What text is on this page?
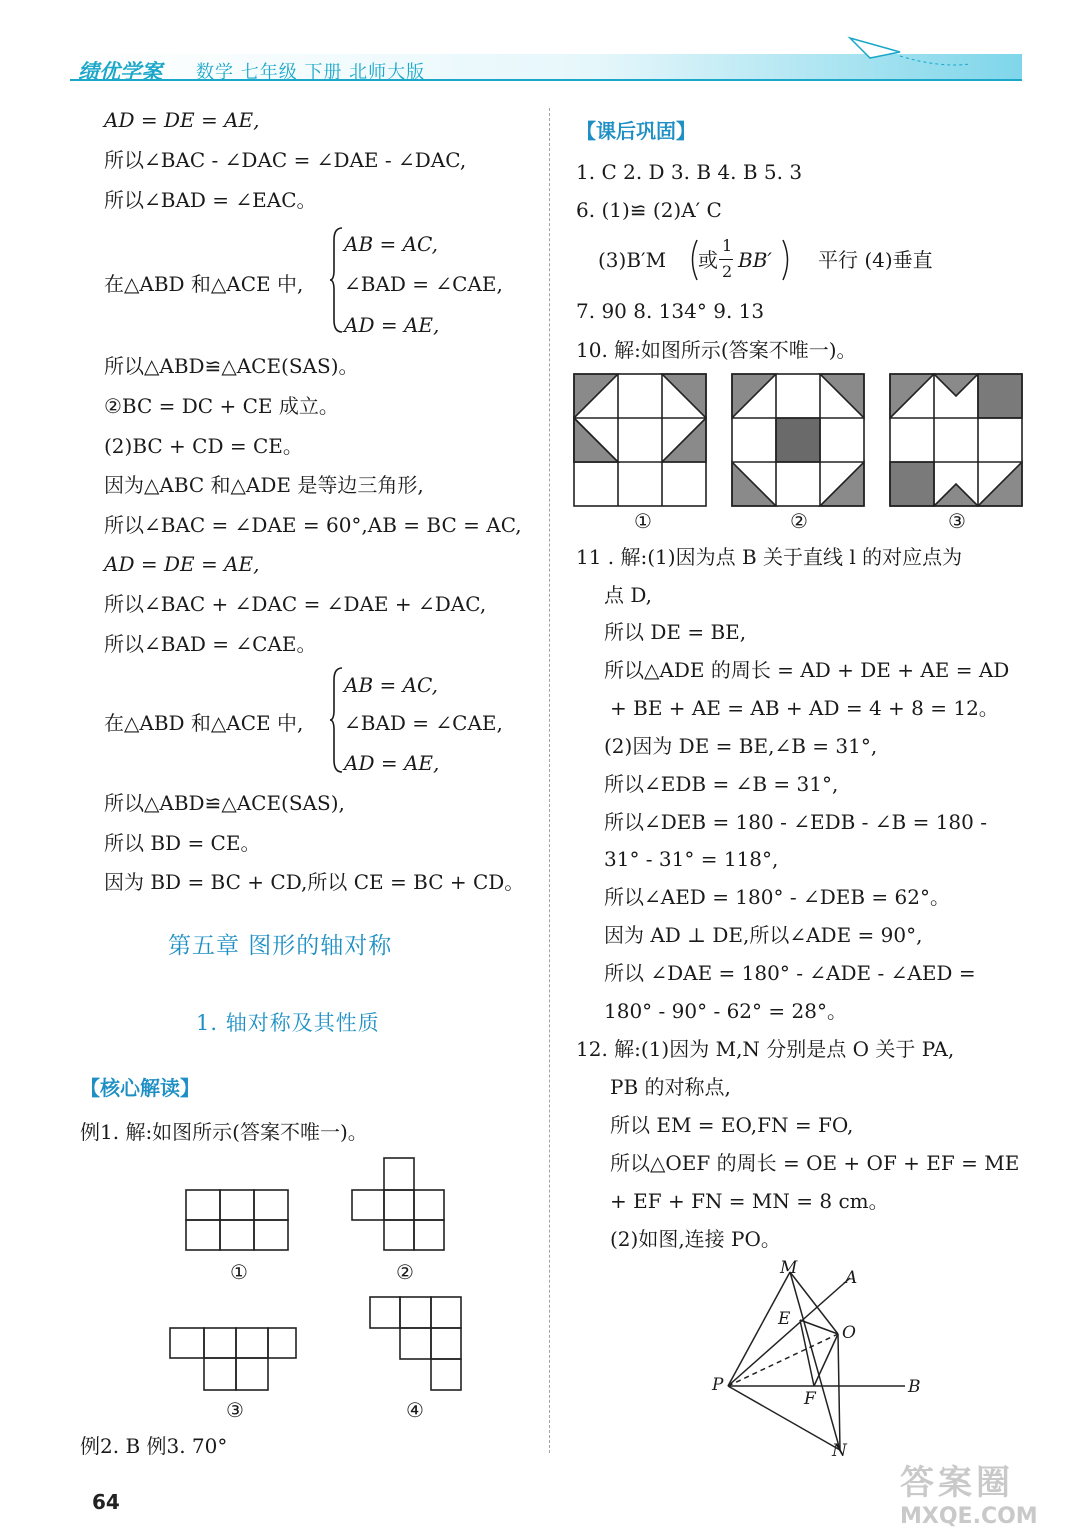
绩优学案 数学 七年级 下册 北师大版
AD = DE = AE,
所以∠BAC - ∠DAC = ∠DAE - ∠DAC,
所以∠BAD = ∠EAC。
在△ABD 和△ACE 中,
AB = AC,
∠BAD = ∠CAE,
AD = AE,
所以△ABD≌△ACE(SAS)。
②BC = DC + CE 成立。
(2)BC + CD = CE。
因为△ABC 和△ADE 是等边三角形,
所以∠BAC = ∠DAE = 60°,AB = BC = AC,
AD = DE = AE,
所以∠BAC + ∠DAC = ∠DAE + ∠DAC,
所以∠BAD = ∠CAE。
在△ABD 和△ACE 中,
AB = AC,
∠BAD = ∠CAE,
AD = AE,
所以△ABD≌△ACE(SAS),
所以 BD = CE。
因为 BD = BC + CD,所以 CE = BC + CD。
第五章 图形的轴对称
1. 轴对称及其性质
【核心解读】
例1. 解:如图所示(答案不唯一)。
①	②
③	④
例2. B 例3. 70°
【课后巩固】
1. C 2. D 3. B 4. B 5. 3
6. (1)≌ (2)A′ C
(3)B′M 或
1
2 BB′ 平行 (4)垂直
7. 90 8. 134° 9. 13
10. 解:如图所示(答案不唯一)。
①	②	③
11 . 解:(1)因为点 B 关于直线 l 的对应点为
点 D,
所以 DE = BE,
所以△ADE 的周长 = AD + DE + AE = AD
+ BE + AE = AB + AD = 4 + 8 = 12。
(2)因为 DE = BE,∠B = 31°,
所以∠EDB = ∠B = 31°,
所以∠DEB = 180 - ∠EDB - ∠B = 180 -
31° - 31° = 118°,
所以∠AED = 180° - ∠DEB = 62°。
因为 AD ⊥ DE,所以∠ADE = 90°,
所以 ∠DAE = 180° - ∠ADE - ∠AED =
180° - 90° - 62° = 28°。
12. 解:(1)因为 M,N 分别是点 O 关于 PA,
PB 的对称点,
所以 EM = EO,FN = FO,
所以△OEF 的周长 = OE + OF + EF = ME
+ EF + FN = MN = 8 cm。
(2)如图,连接 PO。
M	A
E
O
P	B
F
N
64	答案圈
MXQE.COM
